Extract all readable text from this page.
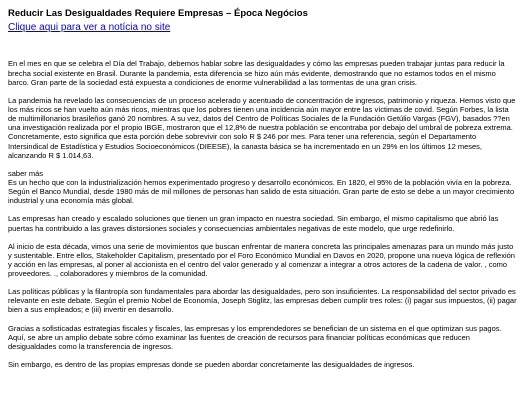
Reducir Las Desigualdades Requiere Empresas – Época Negócios
Clique aqui para ver a notícia no site

En el mes en que se celebra el Día del Trabajo, debemos hablar sobre las desigualdades y cómo las empresas pueden trabajar juntas para reducir la brecha social existente en Brasil. Durante la pandemia, esta diferencia se hizo aún más evidente, demostrando que no estamos todos en el mismo barco. Gran parte de la sociedad está expuesta a condiciones de enorme vulnerabilidad a las tormentas de una gran crisis.

La pandemia ha revelado las consecuencias de un proceso acelerado y acentuado de concentración de ingresos, patrimonio y riqueza. Hemos visto que los más ricos se han vuelto aún más ricos, mientras que los pobres tienen una incidencia aún mayor entre las víctimas de covid. Según Forbes, la lista de multimillonarios brasileños ganó 20 nombres. A su vez, datos del Centro de Políticas Sociales de la Fundación Getúlio Vargas (FGV), basados ??en una investigación realizada por el propio IBGE, mostraron que el 12,8% de nuestra población se encontraba por debajo del umbral de pobreza extrema. Concretamente, esto significa que esta porción debe sobrevivir con solo R $ 246 por mes. Para tener una referencia, según el Departamento Intersindical de Estadística y Estudios Socioeconómicos (DIEESE), la canasta básica se ha incrementado en un 29% en los últimos 12 meses, alcanzando R $ 1.014,63.

saber más

Es un hecho que con la industrialización hemos experimentado progreso y desarrollo económicos. En 1820, el 95% de la población vivía en la pobreza. Según el Banco Mundial, desde 1980 más de mil millones de personas han salido de esta situación. Gran parte de esto se debe a un mayor crecimiento industrial y una economía más global.

Las empresas han creado y escalado soluciones que tienen un gran impacto en nuestra sociedad. Sin embargo, el mismo capitalismo que abrió las puertas ha contribuido a las graves distorsiones sociales y consecuencias ambientales negativas de este modelo, que urge redefinirlo.

Al inicio de esta década, vimos una serie de movimientos que buscan enfrentar de manera concreta las principales amenazas para un mundo más justo y sustentable. Entre ellos, Stakeholder Capitalism, presentado por el Foro Económico Mundial en Davos en 2020, propone una nueva lógica de reflexión y acción en las empresas, al poner al accionista en el centro del valor generado y al comenzar a integrar a otros actores de la cadena de valor. , como proveedores. ., colaboradores y miembros de la comunidad.

Las políticas públicas y la filantropía son fundamentales para abordar las desigualdades, pero son insuficientes. La responsabilidad del sector privado es relevante en este debate. Según el premio Nobel de Economía, Joseph Stiglitz, las empresas deben cumplir tres roles: (i) pagar sus impuestos, (ii) pagar bien a sus empleados; e (iii) invertir en desarrollo.

Gracias a sofisticadas estrategias fiscales y fiscales, las empresas y los emprendedores se benefician de un sistema en el que optimizan sus pagos. Aquí, se abre un amplio debate sobre cómo examinar las fuentes de creación de recursos para financiar políticas económicas que reducen desigualdades como la transferencia de ingresos.

Sin embargo, es dentro de las propias empresas donde se pueden abordar concretamente las desigualdades de ingresos.
